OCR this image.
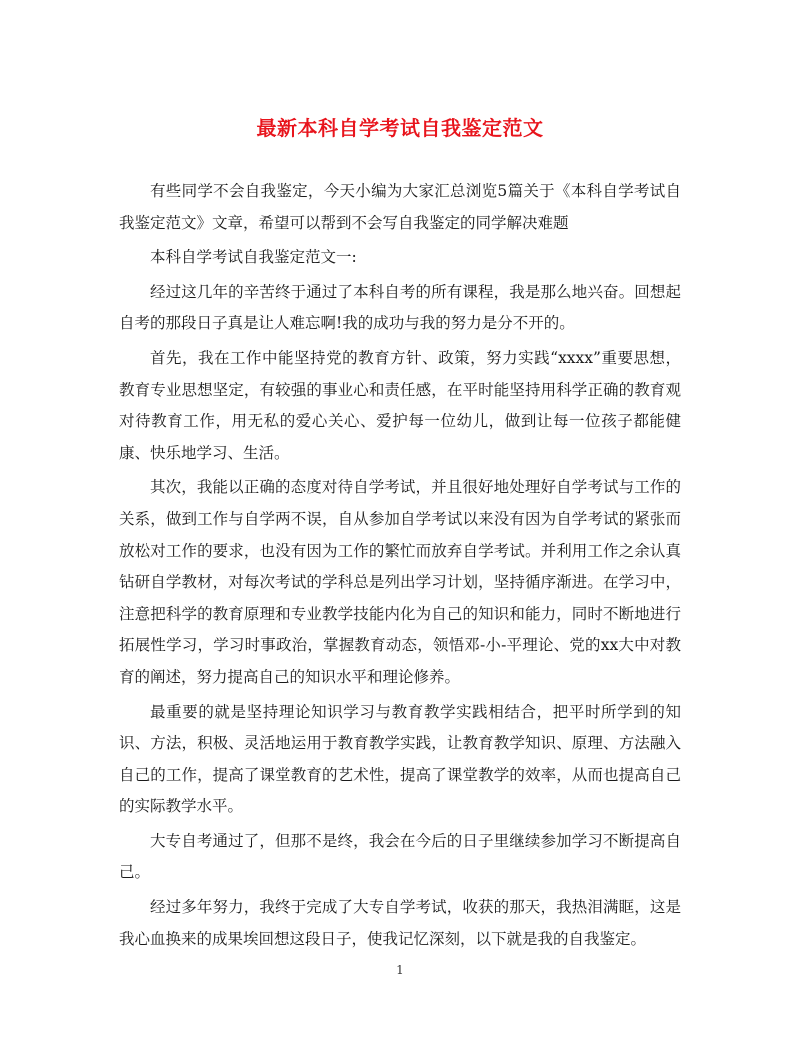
最新本科自学考试自我鉴定范文

有些同学不会自我鉴定，今天小编为大家汇总浏览5篇关于《本科自学考试自我鉴定范文》文章，希望可以帮到不会写自我鉴定的同学解决难题

本科自学考试自我鉴定范文一:

经过这几年的辛苦终于通过了本科自考的所有课程，我是那么地兴奋。回想起自考的那段日子真是让人难忘啊!我的成功与我的努力是分不开的。

首先，我在工作中能坚持党的教育方针、政策，努力实践“xxxx”重要思想，教育专业思想坚定，有较强的事业心和责任感，在平时能坚持用科学正确的教育观对待教育工作，用无私的爱心关心、爱护每一位幼儿，做到让每一位孩子都能健康、快乐地学习、生活。

其次，我能以正确的态度对待自学考试，并且很好地处理好自学考试与工作的关系，做到工作与自学两不误，自从参加自学考试以来没有因为自学考试的紧张而放松对工作的要求，也没有因为工作的繁忙而放弃自学考试。并利用工作之余认真钻研自学教材，对每次考试的学科总是列出学习计划，坚持循序渐进。在学习中，注意把科学的教育原理和专业教学技能内化为自己的知识和能力，同时不断地进行拓展性学习，学习时事政治，掌握教育动态，领悟邓-小-平理论、党的xx大中对教育的阐述，努力提高自己的知识水平和理论修养。

最重要的就是坚持理论知识学习与教育教学实践相结合，把平时所学到的知识、方法，积极、灵活地运用于教育教学实践，让教育教学知识、原理、方法融入自己的工作，提高了课堂教育的艺术性，提高了课堂教学的效率，从而也提高自己的实际教学水平。

大专自考通过了，但那不是终，我会在今后的日子里继续参加学习不断提高自己。

经过多年努力，我终于完成了大专自学考试，收获的那天，我热泪满眶，这是我心血换来的成果埃回想这段日子，使我记忆深刻，以下就是我的自我鉴定。

1
